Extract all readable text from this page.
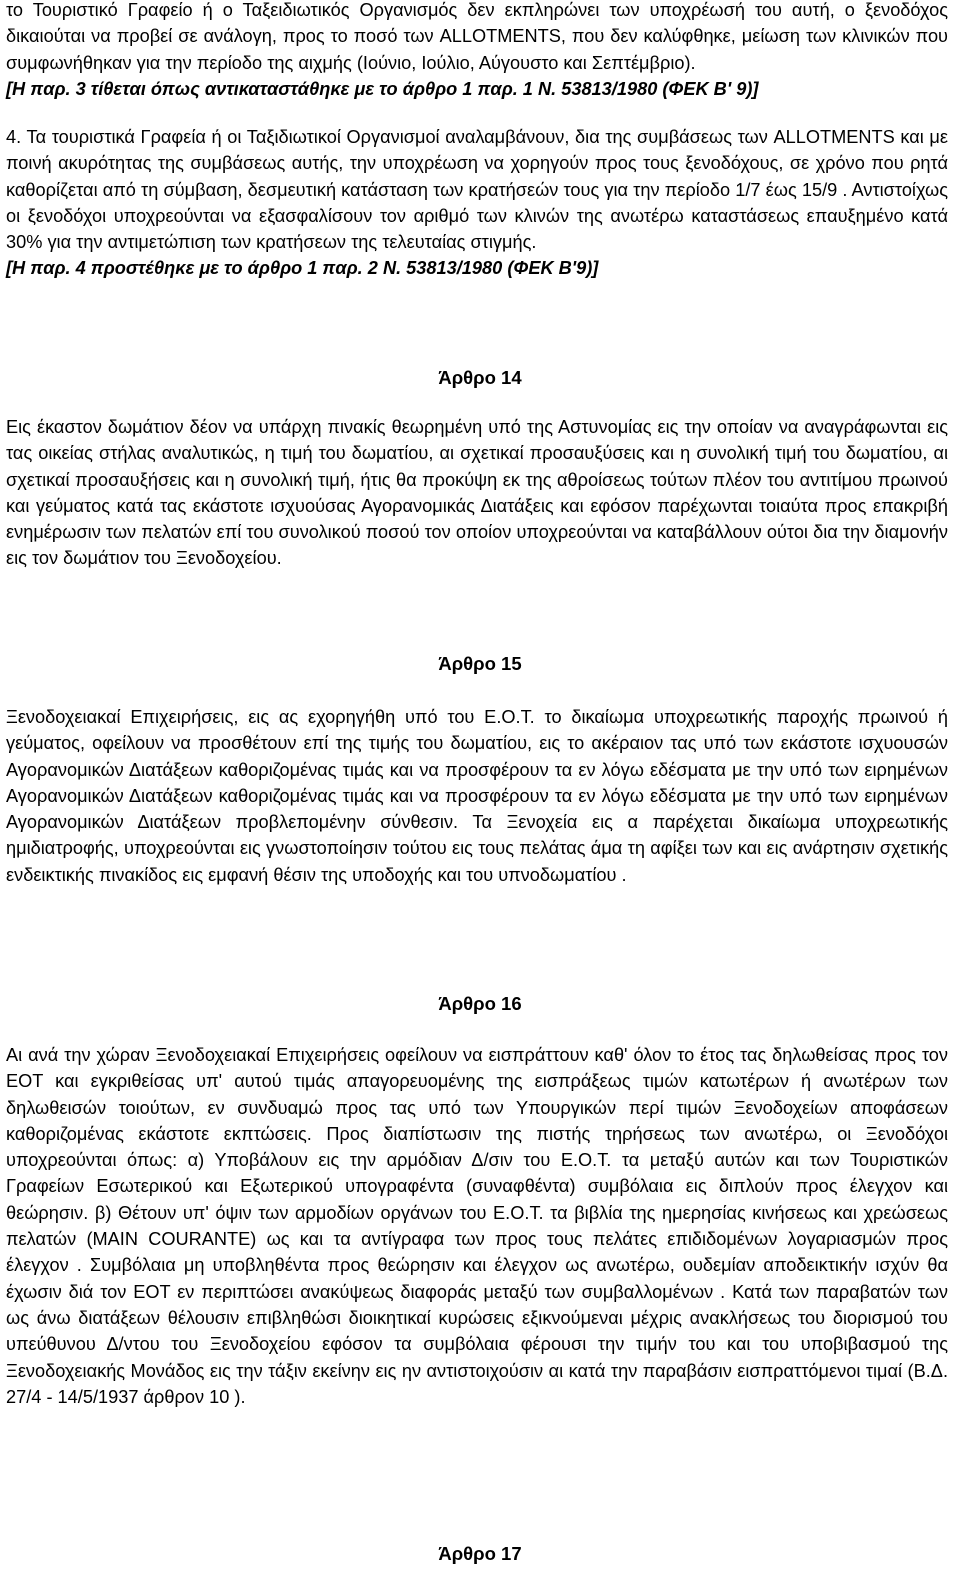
το Τουριστικό Γραφείο ή ο Ταξειδιωτικός Οργανισμός δεν εκπληρώνει των υποχρέωσή του αυτή, ο ξενοδόχος δικαιούται να προβεί σε ανάλογη, προς το ποσό των ALLOTMENTS, που δεν καλύφθηκε, μείωση των κλινικών που συμφωνήθηκαν για την περίοδο της αιχμής (Ιούνιο, Ιούλιο, Αύγουστο και Σεπτέμβριο).
[Η παρ. 3 τίθεται όπως αντικαταστάθηκε με το άρθρο 1 παρ. 1 Ν. 53813/1980 (ΦΕΚ Β' 9)]

4. Τα τουριστικά Γραφεία ή οι Ταξιδιωτικοί Οργανισμοί αναλαμβάνουν, δια της συμβάσεως των ALLOTMENTS και με ποινή ακυρότητας της συμβάσεως αυτής, την υποχρέωση να χορηγούν προς τους ξενοδόχους, σε χρόνο που ρητά καθορίζεται από τη σύμβαση, δεσμευτική κατάσταση των κρατήσεών τους για την περίοδο 1/7 έως 15/9 . Αντιστοίχως οι ξενοδόχοι υποχρεούνται να εξασφαλίσουν τον αριθμό των κλινών της ανωτέρω καταστάσεως επαυξημένο κατά 30% για την αντιμετώπιση των κρατήσεων της τελευταίας στιγμής.
[Η παρ. 4 προστέθηκε με το άρθρο 1 παρ. 2 Ν. 53813/1980 (ΦΕΚ Β'9)]

Άρθρο 14

Εις έκαστον δωμάτιον δέον να υπάρχη πινακίς θεωρημένη υπό της Αστυνομίας εις την οποίαν να αναγράφωνται εις τας οικείας στήλας αναλυτικώς, η τιμή του δωματίου, αι σχετικαί προσαυξύσεις και η συνολική τιμή του δωματίου, αι σχετικαί προσαυξήσεις και η συνολική τιμή, ήτις θα προκύψη εκ της αθροίσεως τούτων πλέον του αντιτίμου πρωινού και γεύματος κατά τας εκάστοτε ισχυούσας Αγορανομικάς Διατάξεις και εφόσον παρέχωνται τοιαύτα προς επακριβή ενημέρωσιν των πελατών επί του συνολικού ποσού τον οποίον υποχρεούνται να καταβάλλουν ούτοι δια την διαμονήν εις τον δωμάτιον του Ξενοδοχείου.

Άρθρο 15

Ξενοδοχειακαί Επιχειρήσεις, εις ας εχορηγήθη υπό του Ε.Ο.Τ. το δικαίωμα υποχρεωτικής παροχής πρωινού ή γεύματος, οφείλουν να προσθέτουν επί της τιμής του δωματίου, εις το ακέραιον τας υπό των εκάστοτε ισχυουσών Αγορανομικών Διατάξεων καθοριζομένας τιμάς και να προσφέρουν τα εν λόγω εδέσματα με την υπό των ειρημένων Αγορανομικών Διατάξεων καθοριζομένας τιμάς και να προσφέρουν τα εν λόγω εδέσματα με την υπό των ειρημένων Αγορανομικών Διατάξεων προβλεπομένην σύνθεσιν. Τα Ξενοχεία εις α παρέχεται δικαίωμα υποχρεωτικής ημιδιατροφής, υποχρεούνται εις γνωστοποίησιν τούτου εις τους πελάτας άμα τη αφίξει των και εις ανάρτησιν σχετικής ενδεικτικής πινακίδος εις εμφανή θέσιν της υποδοχής και του υπνοδωματίου .

Άρθρο 16

Αι ανά την χώραν Ξενοδοχειακαί Επιχειρήσεις οφείλουν να εισπράττουν καθ' όλον το έτος τας δηλωθείσας προς τον ΕΟΤ και εγκριθείσας υπ' αυτού τιμάς απαγορευομένης της εισπράξεως τιμών κατωτέρων ή ανωτέρων των δηλωθεισών τοιούτων, εν συνδυαμώ προς τας υπό των Υπουργικών περί τιμών Ξενοδοχείων αποφάσεων καθοριζομένας εκάστοτε εκπτώσεις. Προς διαπίστωσιν της πιστής τηρήσεως των ανωτέρω, οι Ξενοδόχοι υποχρεούνται όπως: α) Υποβάλουν εις την αρμόδιαν Δ/σιν του Ε.Ο.Τ. τα μεταξύ αυτών και των Τουριστικών Γραφείων Εσωτερικού και Εξωτερικού υπογραφέντα (συναφθέντα) συμβόλαια εις διπλούν προς έλεγχον και θεώρησιν. β) Θέτουν υπ' όψιν των αρμοδίων οργάνων του Ε.Ο.Τ. τα βιβλία της ημερησίας κινήσεως και χρεώσεως πελατών (MAIN COURANTE) ως και τα αντίγραφα των προς τους πελάτες επιδιδομένων λογαριασμών προς έλεγχον . Συμβόλαια μη υποβληθέντα προς θεώρησιν και έλεγχον ως ανωτέρω, ουδεμίαν αποδεικτικήν ισχύν θα έχωσιν διά τον ΕΟΤ εν περιπτώσει ανακύψεως διαφοράς μεταξύ των συμβαλλομένων . Κατά των παραβατών των ως άνω διατάξεων θέλουσιν επιβληθώσι διοικητικαί κυρώσεις εξικνούμεναι μέχρις ανακλήσεως του διορισμού του υπεύθυνου Δ/ντου του Ξενοδοχείου εφόσον τα συμβόλαια φέρουσι την τιμήν του και του υποβιβασμού της Ξενοδοχειακής Μονάδος εις την τάξιν εκείνην εις ην αντιστοιχούσιν αι κατά την παραβάσιν εισπραττόμενοι τιμαί (Β.Δ. 27/4 - 14/5/1937 άρθρον 10 ).

Άρθρο 17
